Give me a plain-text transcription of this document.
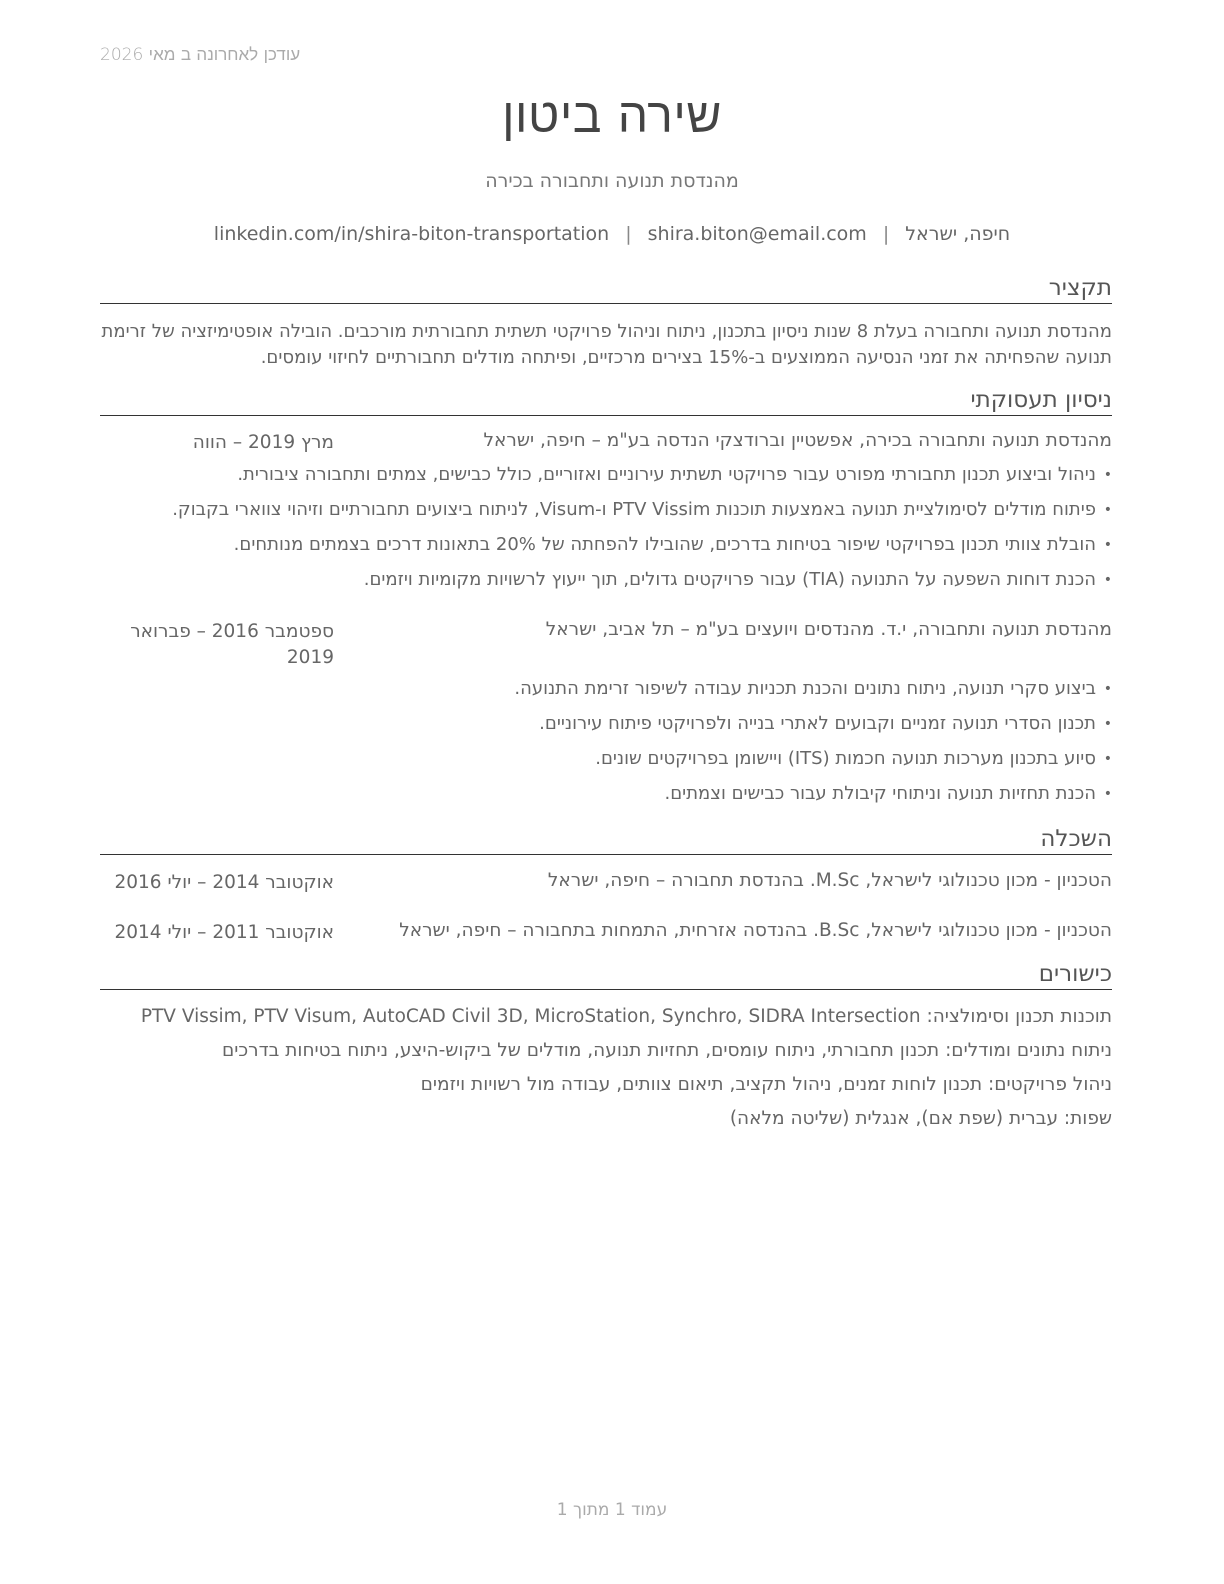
עודכן לאחרונה ב מאי 2026
שירה ביטון
מהנדסת תנועה ותחבורה בכירה
חיפה, ישראל|shira.biton@email.com|linkedin.com/in/shira-biton-transportation
תקציר
מהנדסת תנועה ותחבורה בעלת 8 שנות ניסיון בתכנון, ניתוח וניהול פרויקטי תשתית תחבורתית מורכבים. הובילה אופטימיזציה של זרימת תנועה שהפחיתה את זמני הנסיעה הממוצעים ב-15% בצירים מרכזיים, ופיתחה מודלים תחבורתיים לחיזוי עומסים.
ניסיון תעסוקתי
מהנדסת תנועה ותחבורה בכירה, אפשטיין וברודצקי הנדסה בע"מ – חיפה, ישראל
מרץ 2019 – הווה
• ניהול וביצוע תכנון תחבורתי מפורט עבור פרויקטי תשתית עירוניים ואזוריים, כולל כבישים, צמתים ותחבורה ציבורית.
• פיתוח מודלים לסימולציית תנועה באמצעות תוכנות PTV Vissim ו-Visum, לניתוח ביצועים תחבורתיים וזיהוי צווארי בקבוק.
• הובלת צוותי תכנון בפרויקטי שיפור בטיחות בדרכים, שהובילו להפחתה של 20% בתאונות דרכים בצמתים מנותחים.
• הכנת דוחות השפעה על התנועה (TIA) עבור פרויקטים גדולים, תוך ייעוץ לרשויות מקומיות ויזמים.
מהנדסת תנועה ותחבורה, י.ד. מהנדסים ויועצים בע"מ – תל אביב, ישראל
ספטמבר 2016 – פברואר 2019
• ביצוע סקרי תנועה, ניתוח נתונים והכנת תכניות עבודה לשיפור זרימת התנועה.
• תכנון הסדרי תנועה זמניים וקבועים לאתרי בנייה ולפרויקטי פיתוח עירוניים.
• סיוע בתכנון מערכות תנועה חכמות (ITS) ויישומן בפרויקטים שונים.
• הכנת תחזיות תנועה וניתוחי קיבולת עבור כבישים וצמתים.
השכלה
הטכניון - מכון טכנולוגי לישראל, M.Sc. בהנדסת תחבורה – חיפה, ישראל
אוקטובר 2014 – יולי 2016
הטכניון - מכון טכנולוגי לישראל, B.Sc. בהנדסה אזרחית, התמחות בתחבורה – חיפה, ישראל
אוקטובר 2011 – יולי 2014
כישורים
תוכנות תכנון וסימולציה: PTV Vissim, PTV Visum, AutoCAD Civil 3D, MicroStation, Synchro, SIDRA Intersection
ניתוח נתונים ומודלים: תכנון תחבורתי, ניתוח עומסים, תחזיות תנועה, מודלים של ביקוש-היצע, ניתוח בטיחות בדרכים
ניהול פרויקטים: תכנון לוחות זמנים, ניהול תקציב, תיאום צוותים, עבודה מול רשויות ויזמים
שפות: עברית (שפת אם), אנגלית (שליטה מלאה)
עמוד 1 מתוך 1
